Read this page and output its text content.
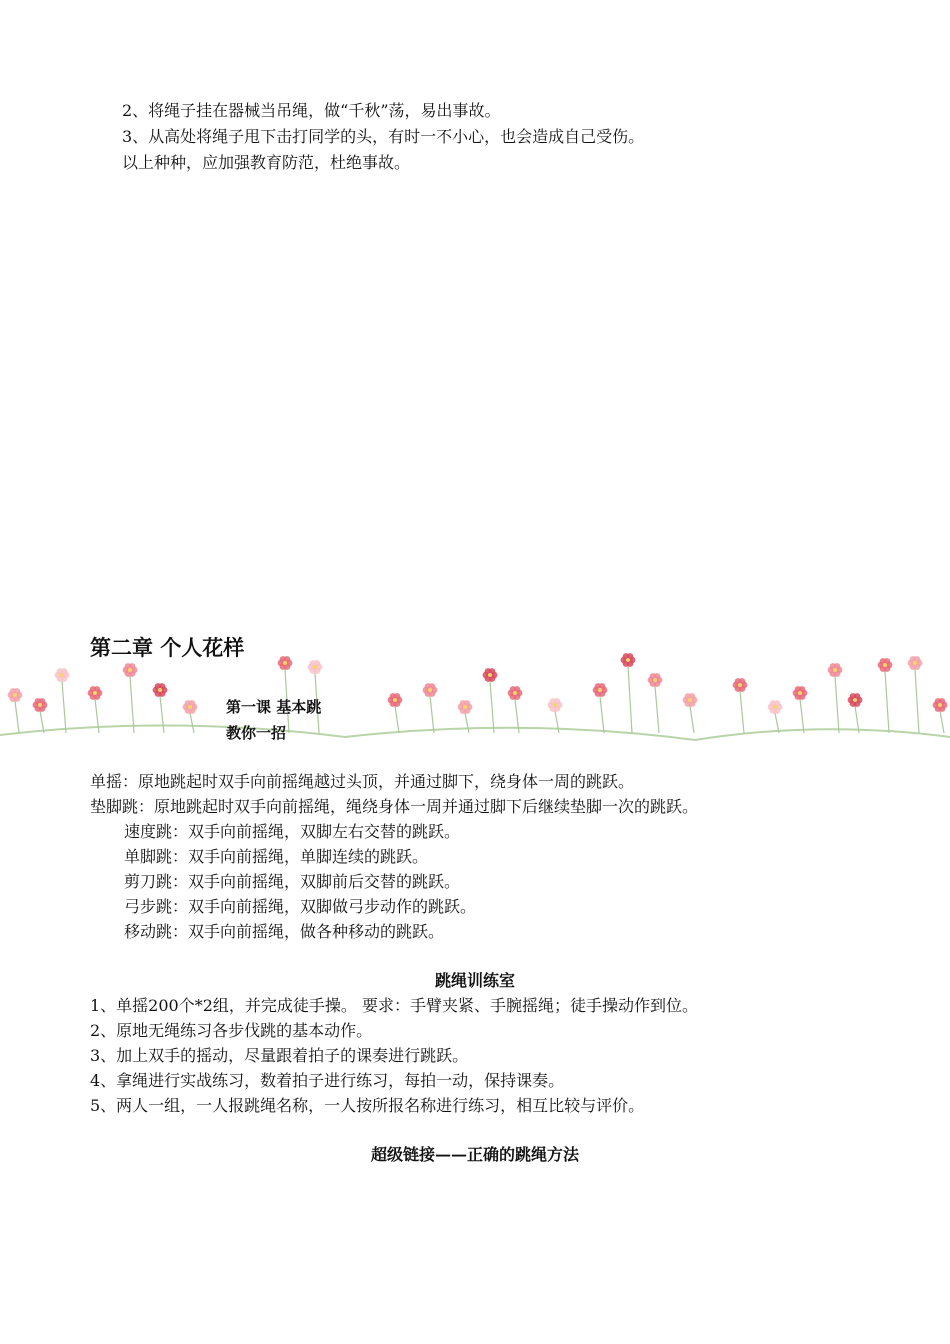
2、将绳子挂在器械当吊绳，做“千秋”荡，易出事故。
3、从高处将绳子甩下击打同学的头，有时一不小心，也会造成自己受伤。
以上种种，应加强教育防范，杜绝事故。
第二章 个人花样
第一课 基本跳
教你一招
单摇：原地跳起时双手向前摇绳越过头顶，并通过脚下，绕身体一周的跳跃。
垫脚跳：原地跳起时双手向前摇绳，绳绕身体一周并通过脚下后继续垫脚一次的跳跃。
速度跳：双手向前摇绳，双脚左右交替的跳跃。
单脚跳：双手向前摇绳，单脚连续的跳跃。
剪刀跳：双手向前摇绳，双脚前后交替的跳跃。
弓步跳：双手向前摇绳，双脚做弓步动作的跳跃。
移动跳：双手向前摇绳，做各种移动的跳跃。
跳绳训练室
1、单摇200个*2组，并完成徒手操。 要求：手臂夹紧、手腕摇绳；徒手操动作到位。
2、原地无绳练习各步伐跳的基本动作。
3、加上双手的摇动，尽量跟着拍子的课奏进行跳跃。
4、拿绳进行实战练习，数着拍子进行练习，每拍一动，保持课奏。
5、两人一组，一人报跳绳名称，一人按所报名称进行练习，相互比较与评价。
超级链接——正确的跳绳方法
